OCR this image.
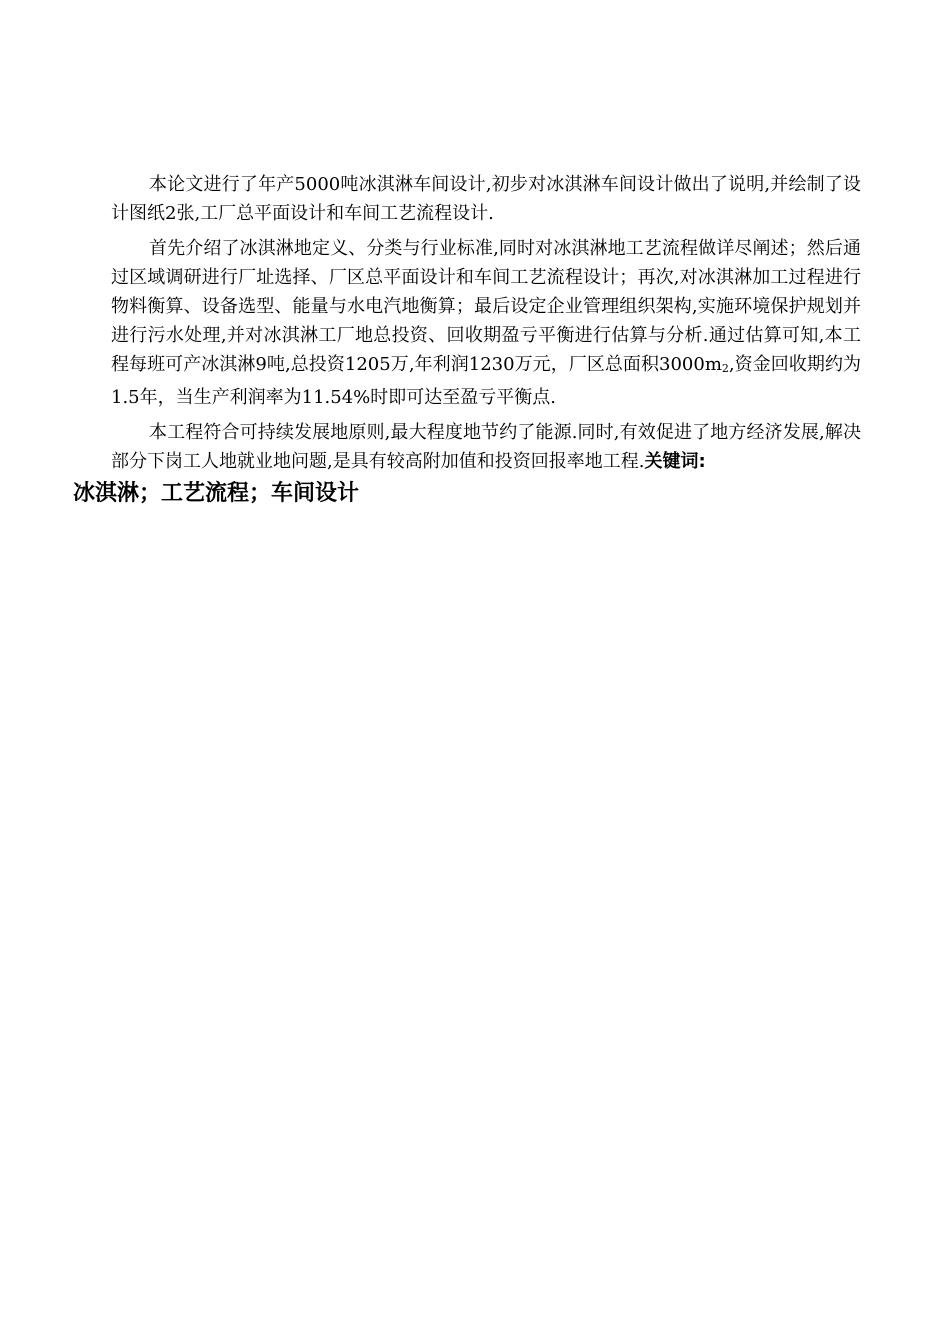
本论文进行了年产5000吨冰淇淋车间设计,初步对冰淇淋车间设计做出了说明,并绘制了设计图纸2张,工厂总平面设计和车间工艺流程设计.

首先介绍了冰淇淋地定义、分类与行业标准,同时对冰淇淋地工艺流程做详尽阐述；然后通过区域调研进行厂址选择、厂区总平面设计和车间工艺流程设计；再次,对冰淇淋加工过程进行物料衡算、设备选型、能量与水电汽地衡算；最后设定企业管理组织架构,实施环境保护规划并进行污水处理,并对冰淇淋工厂地总投资、回收期盈亏平衡进行估算与分析.通过估算可知,本工程每班可产冰淇淋9吨,总投资1205万,年利润1230万元，厂区总面积$3000m_2$,资金回收期约为1.5年，当生产利润率为11.54%时即可达至盈亏平衡点.

本工程符合可持续发展地原则,最大程度地节约了能源.同时,有效促进了地方经济发展,解决部分下岗工人地就业地问题,是具有较高附加值和投资回报率地工程.关键词:
冰淇淋；工艺流程；车间设计
